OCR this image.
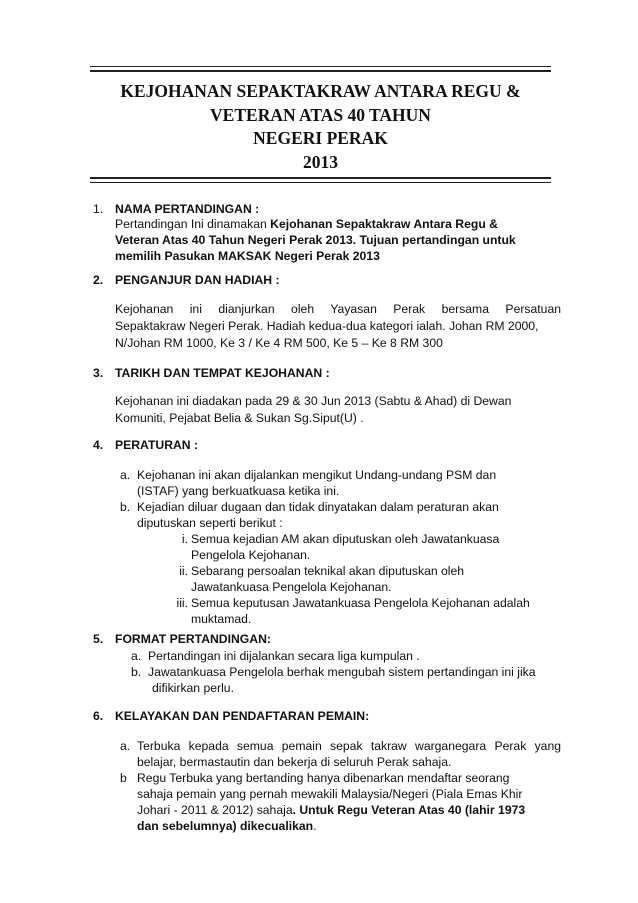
KEJOHANAN SEPAKTAKRAW ANTARA REGU &
VETERAN ATAS 40 TAHUN
NEGERI PERAK
2013
1. NAMA PERTANDINGAN :
Pertandingan Ini dinamakan Kejohanan Sepaktakraw Antara Regu &
Veteran Atas 40 Tahun Negeri Perak 2013. Tujuan pertandingan untuk
memilih Pasukan MAKSAK Negeri Perak 2013
2. PENGANJUR DAN HADIAH :
Kejohanan ini dianjurkan oleh Yayasan Perak bersama Persatuan
Sepaktakraw Negeri Perak. Hadiah kedua-dua kategori ialah. Johan RM 2000,
N/Johan RM 1000, Ke 3 / Ke 4 RM 500, Ke 5 – Ke 8 RM 300
3. TARIKH DAN TEMPAT KEJOHANAN :
Kejohanan ini diadakan pada 29 & 30 Jun 2013 (Sabtu & Ahad) di Dewan
Komuniti, Pejabat Belia & Sukan Sg.Siput(U) .
4. PERATURAN :
a. Kejohanan ini akan dijalankan mengikut Undang-undang PSM dan
(ISTAF) yang berkuatkuasa ketika ini.
b. Kejadian diluar dugaan dan tidak dinyatakan dalam peraturan akan
diputuskan seperti berikut :
i. Semua kejadian AM akan diputuskan oleh Jawatankuasa
Pengelola Kejohanan.
ii. Sebarang persoalan teknikal akan diputuskan oleh
Jawatankuasa Pengelola Kejohanan.
iii. Semua keputusan Jawatankuasa Pengelola Kejohanan adalah
muktamad.
5. FORMAT PERTANDINGAN:
a. Pertandingan ini dijalankan secara liga kumpulan .
b. Jawatankuasa Pengelola berhak mengubah sistem pertandingan ini jika
difikirkan perlu.
6. KELAYAKAN DAN PENDAFTARAN PEMAIN:
a. Terbuka kepada semua pemain sepak takraw warganegara Perak yang
belajar, bermastautin dan bekerja di seluruh Perak sahaja.
b Regu Terbuka yang bertanding hanya dibenarkan mendaftar seorang
sahaja pemain yang pernah mewakili Malaysia/Negeri (Piala Emas Khir
Johari - 2011 & 2012) sahaja. Untuk Regu Veteran Atas 40 (lahir 1973
dan sebelumnya) dikecualikan.
